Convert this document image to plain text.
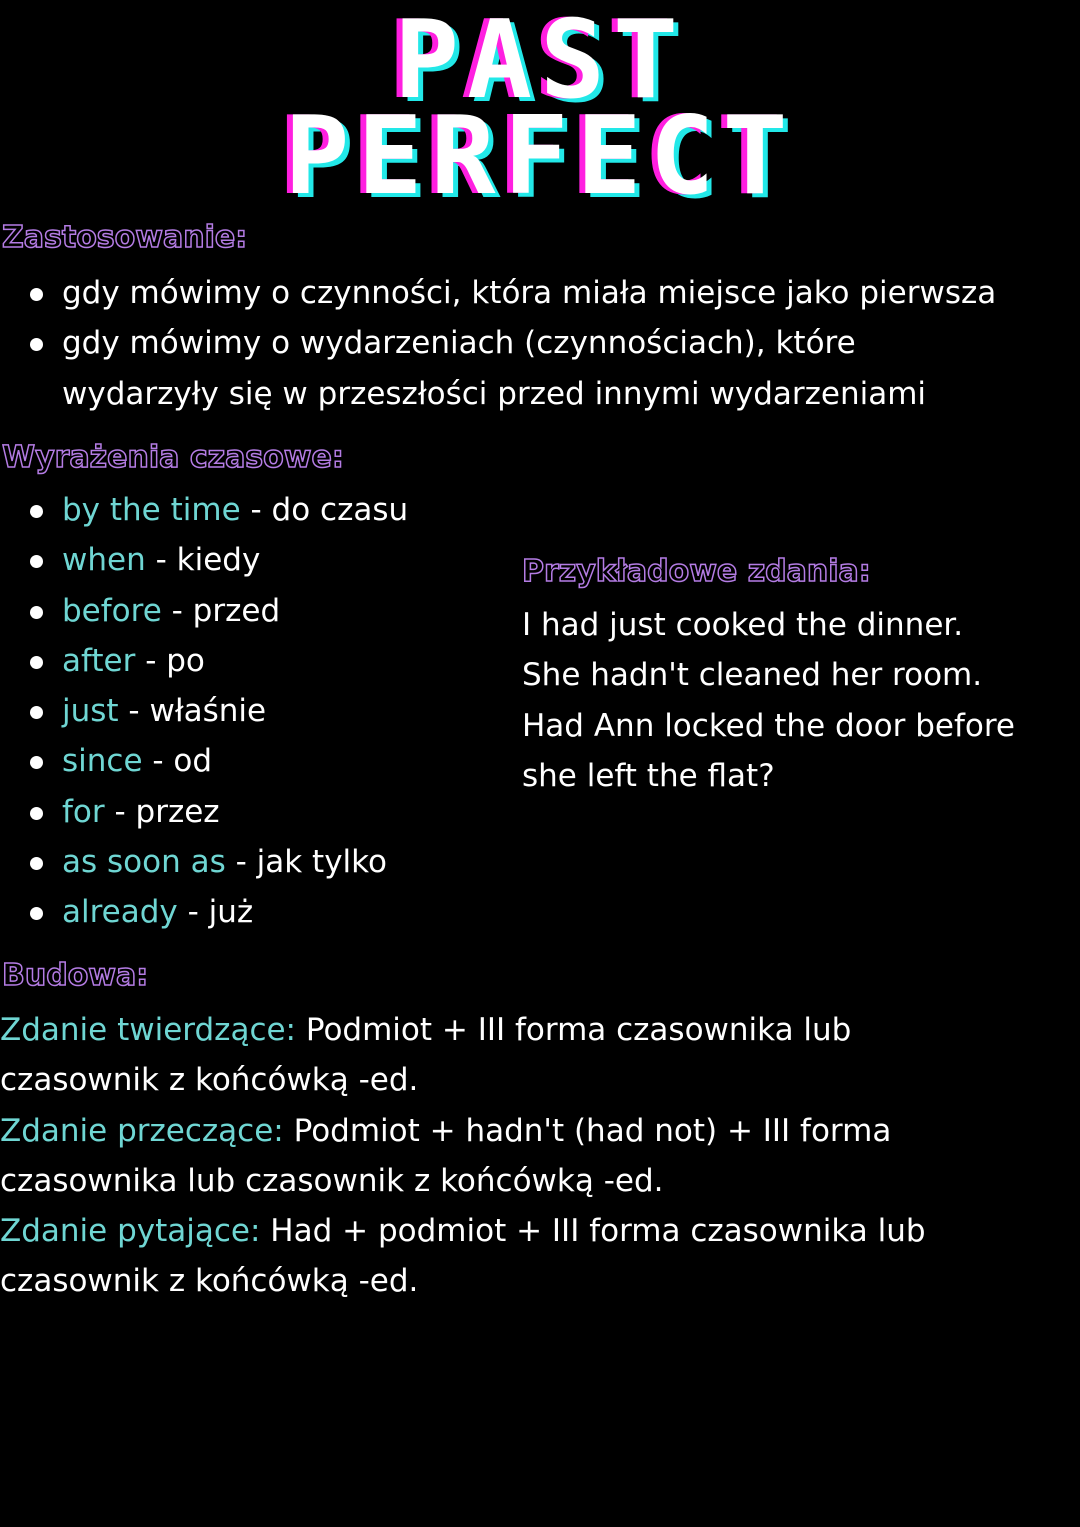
PAST
PERFECT
Zastosowanie:
gdy mówimy o czynności, która miała miejsce jako pierwsza
gdy mówimy o wydarzeniach (czynnościach), które wydarzyły się w przeszłości przed innymi wydarzeniami
Wyrażenia czasowe:
by the time - do czasu
when - kiedy
before - przed
after - po
just - właśnie
since - od
for - przez
as soon as - jak tylko
already - już
Przykładowe zdania:
I had just cooked the dinner.
She hadn't cleaned her room.
Had Ann locked the door before she left the flat?
Budowa:
Zdanie twierdzące: Podmiot + III forma czasownika lub czasownik z końcówką -ed.
Zdanie przeczące: Podmiot + hadn't (had not) + III forma czasownika lub czasownik z końcówką -ed.
Zdanie pytające: Had + podmiot + III forma czasownika lub czasownik z końcówką -ed.
